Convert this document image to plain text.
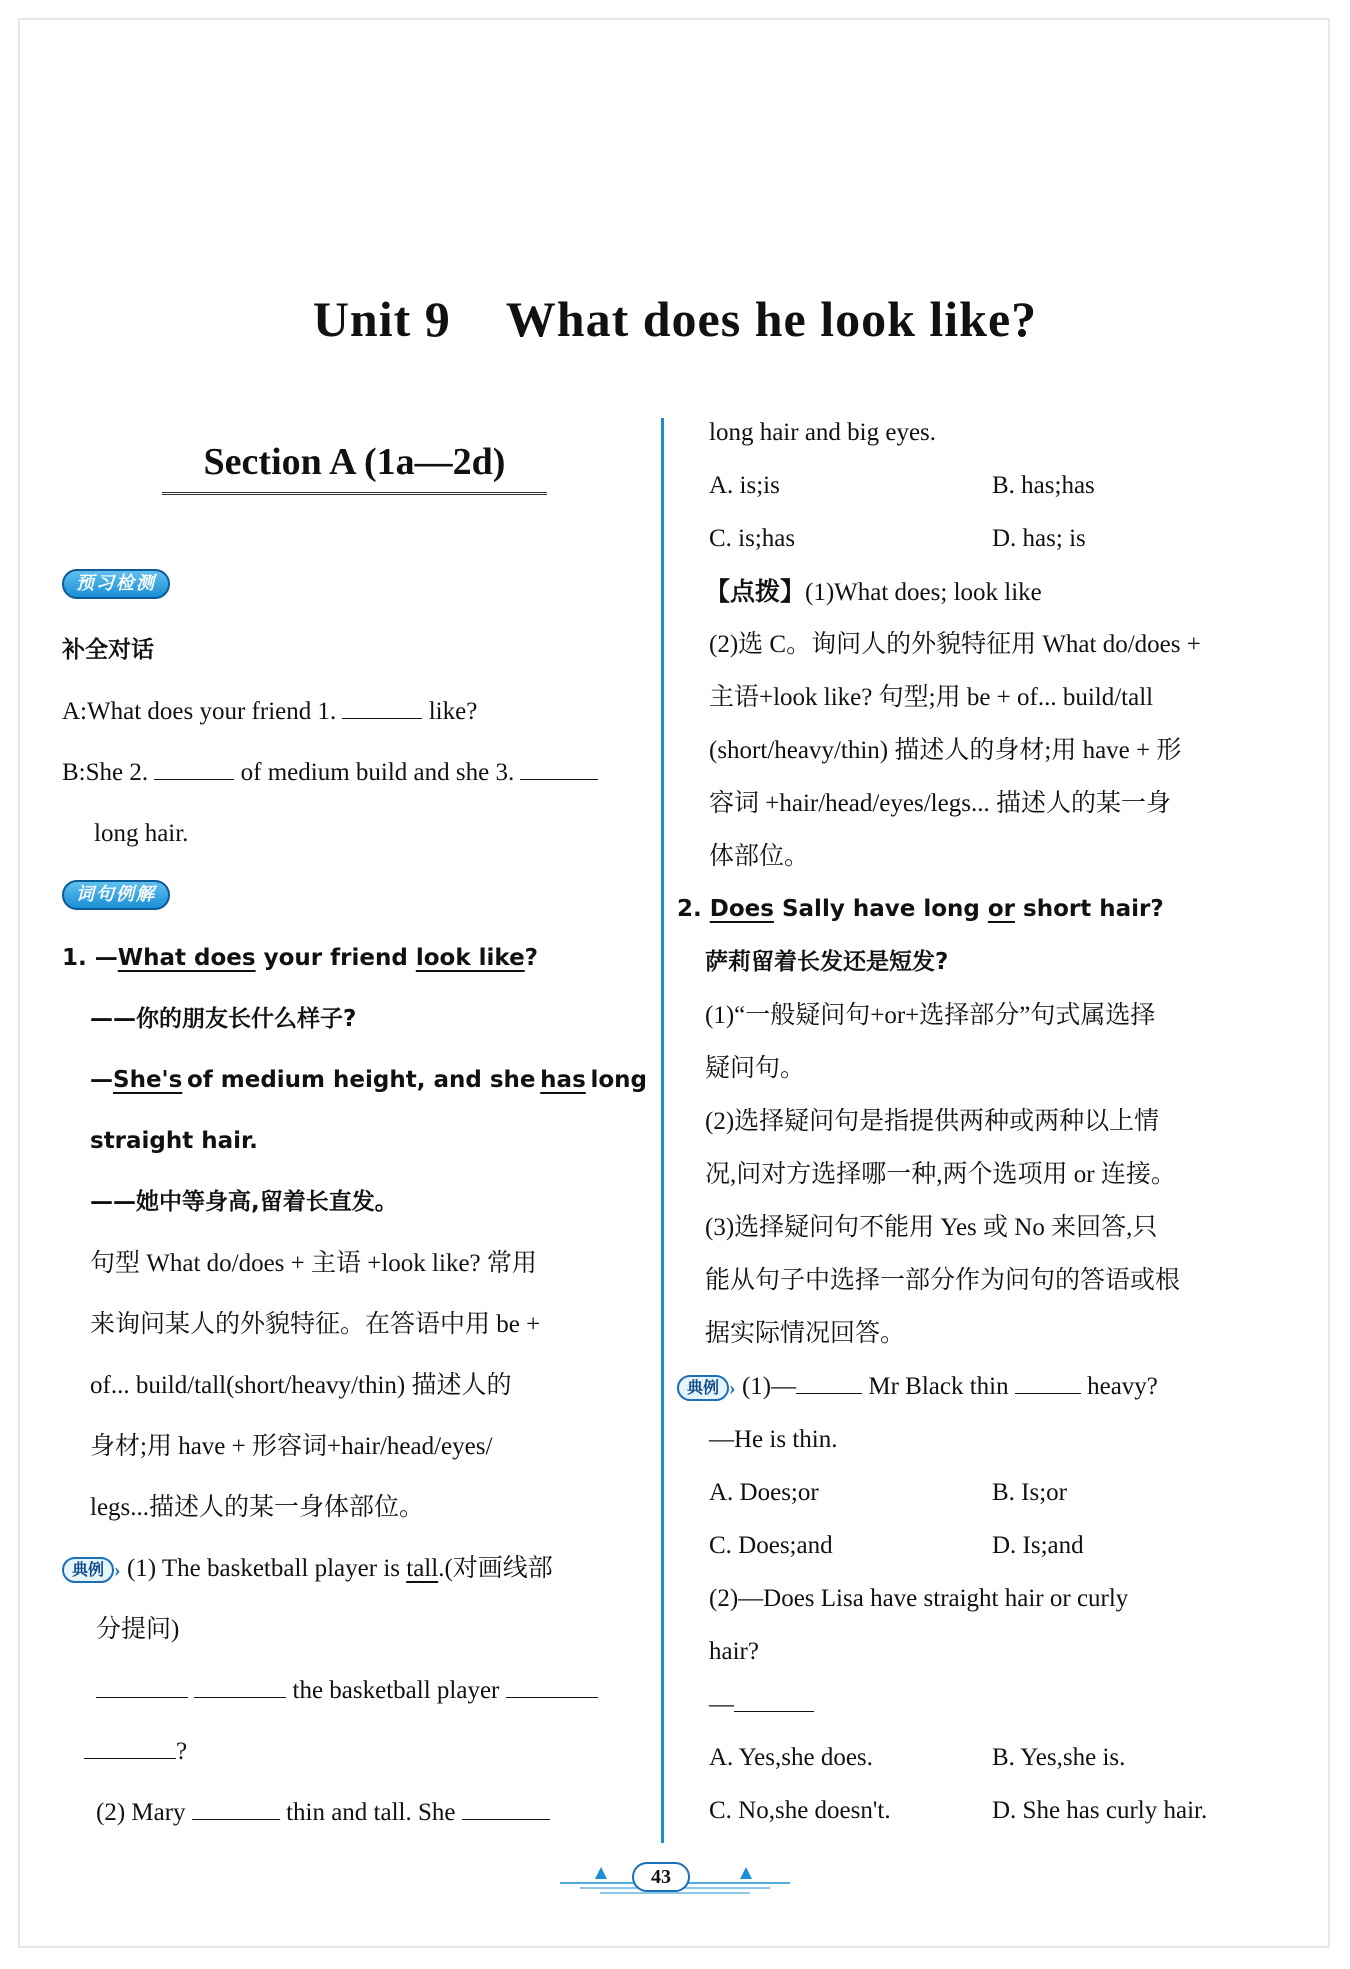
Unit 9 What does he look like?
Section A (1a—2d)
预习检测
补全对话
A:What does your friend 1.	like?
B:She 2.	of medium build and she 3.
long hair.
词句例解
1. —What does your friend look like?
——你的朋友长什么样子?
—She's of medium height, and she has long
straight hair.
——她中等身高,留着长直发。
句型 What do/does + 主语 +look like? 常用
来询问某人的外貌特征。在答语中用 be +
of... build/tall(short/heavy/thin) 描述人的
身材;用 have + 形容词+hair/head/eyes/
legs...描述人的某一身体部位。
典例 › (1) The basketball player is tall.(对画线部
分提问)
the basketball player
?
(2) Mary	thin and tall. She
long hair and big eyes.
A. is;is	B. has;has
C. is;has	D. has; is
【点拨】(1)What does; look like
(2)选 C。询问人的外貌特征用 What do/does +
主语+look like? 句型;用 be + of... build/tall
(short/heavy/thin) 描述人的身材;用 have + 形
容词 +hair/head/eyes/legs... 描述人的某一身
体部位。
2. Does Sally have long or short hair?
萨莉留着长发还是短发?
(1)“一般疑问句+or+选择部分”句式属选择
疑问句。
(2)选择疑问句是指提供两种或两种以上情
况,问对方选择哪一种,两个选项用 or 连接。
(3)选择疑问句不能用 Yes 或 No 来回答,只
能从句子中选择一部分作为问句的答语或根
据实际情况回答。
典例 › (1)—	Mr Black thin	heavy?
—He is thin.
A. Does;or	B. Is;or
C. Does;and	D. Is;and
(2)—Does Lisa have straight hair or curly
hair?
—
A. Yes,she does.	B. Yes,she is.
C. No,she doesn't.	D. She has curly hair.
43
